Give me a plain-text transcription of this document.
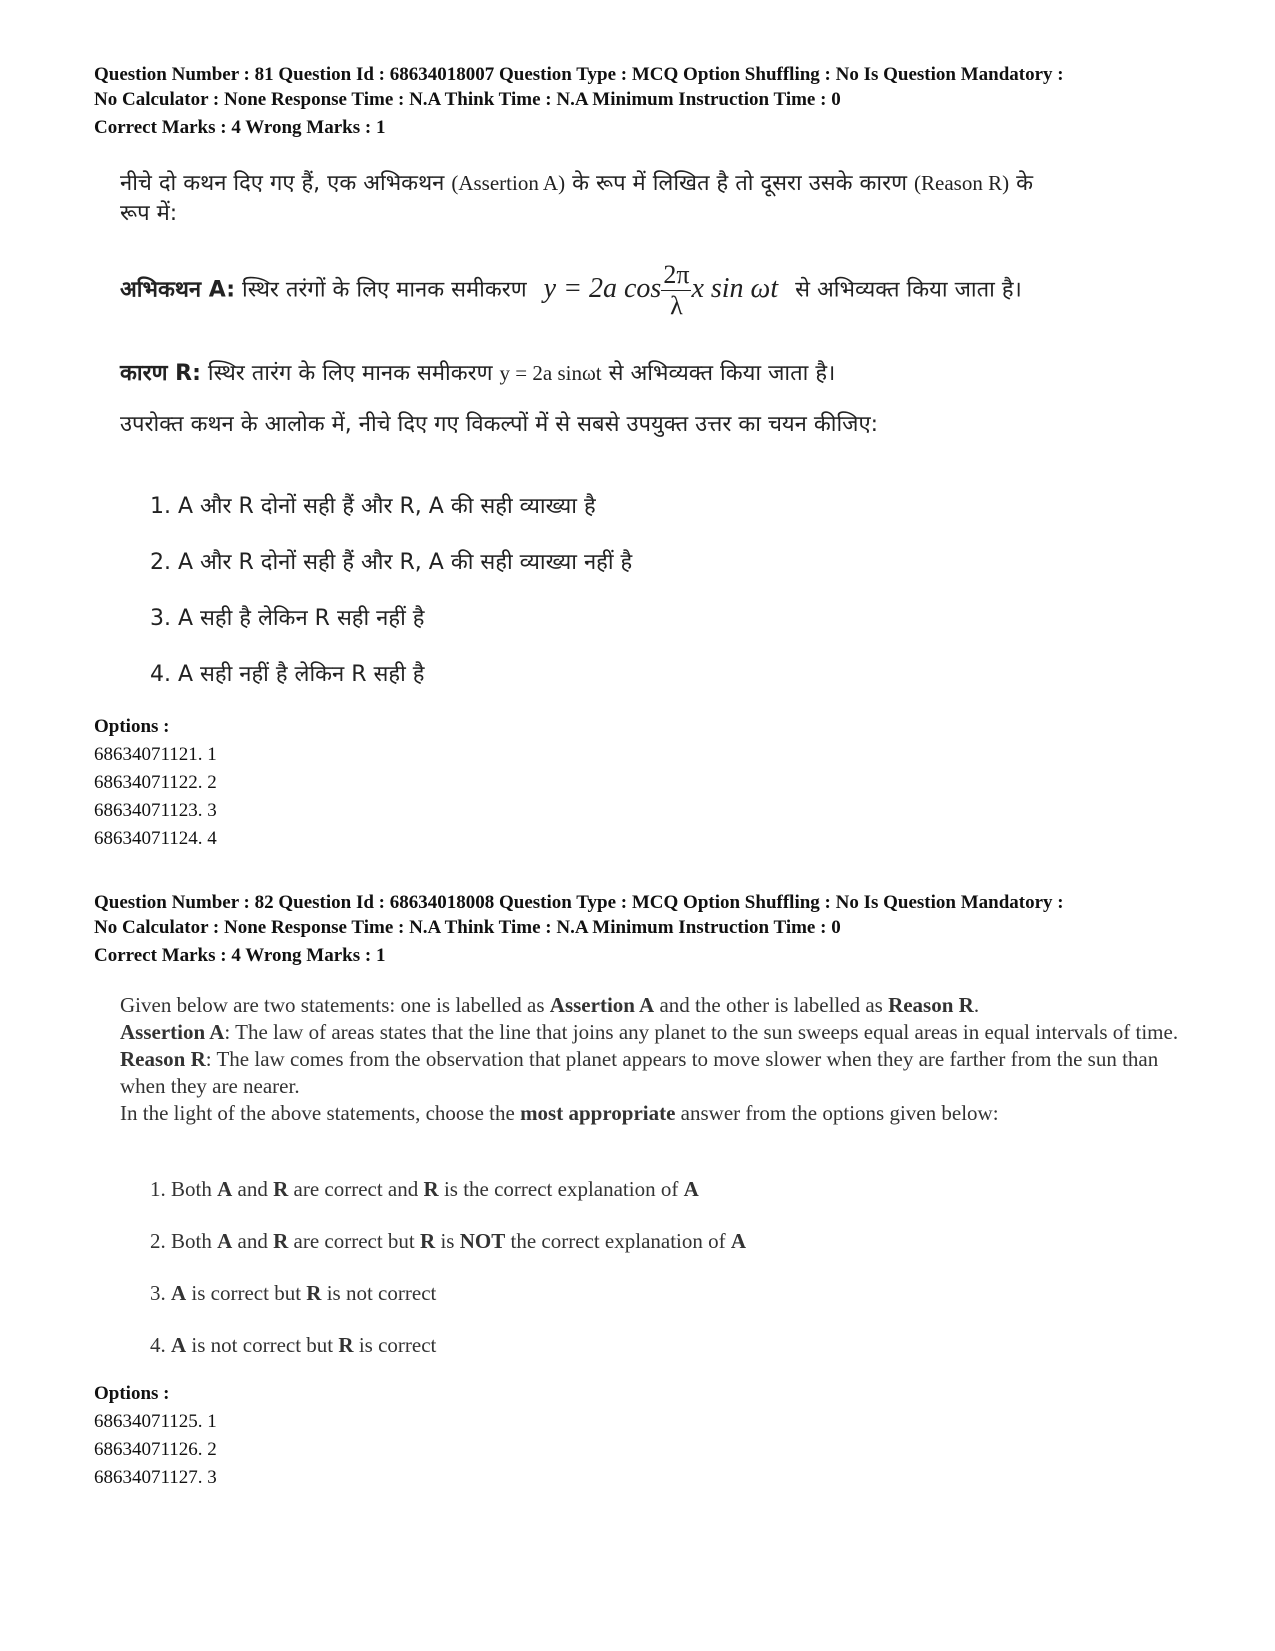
Question Number : 81 Question Id : 68634018007 Question Type : MCQ Option Shuffling : No Is Question Mandatory :

No Calculator : None Response Time : N.A Think Time : N.A Minimum Instruction Time : 0

Correct Marks : 4 Wrong Marks : 1

नीचे दो कथन दिए गए हैं, एक अभिकथन (Assertion A) के रूप में लिखित है तो दूसरा उसके कारण (Reason R) के

रूप में:

अभिकथन A: स्थिर तरंगों के लिए मानक समीकरण y = 2a $\cos \frac{2\pi}{\lambda}$ x sin ωt से अभिव्यक्त किया जाता है।
कारण R: स्थिर तारंग के लिए मानक समीकरण y = 2a sinωt से अभिव्यक्त किया जाता है।

उपरोक्त कथन के आलोक में, नीचे दिए गए विकल्पों में से सबसे उपयुक्त उत्तर का चयन कीजिए:

1. A और R दोनों सही हैं और R, A की सही व्याख्या है

2. A और R दोनों सही हैं और R, A की सही व्याख्या नहीं है

3. A सही है लेकिन R सही नहीं है

4. A सही नहीं है लेकिन R सही है

Options :
68634071121. 1
68634071122. 2
68634071123. 3
68634071124. 4

Question Number : 82 Question Id : 68634018008 Question Type : MCQ Option Shuffling : No Is Question Mandatory :

No Calculator : None Response Time : N.A Think Time : N.A Minimum Instruction Time : 0

Correct Marks : 4 Wrong Marks : 1

Given below are two statements: one is labelled as Assertion A and the other is labelled as Reason R.

Assertion A: The law of areas states that the line that joins any planet to the sun sweeps equal areas in equal intervals of time.

Reason R: The law comes from the observation that planet appears to move slower when they are farther from the sun than when they are nearer.

In the light of the above statements, choose the most appropriate answer from the options given below:

1. Both A and R are correct and R is the correct explanation of A

2. Both A and R are correct but R is NOT the correct explanation of A

3. A is correct but R is not correct

4. A is not correct but R is correct

Options :
68634071125. 1
68634071126. 2
68634071127. 3
